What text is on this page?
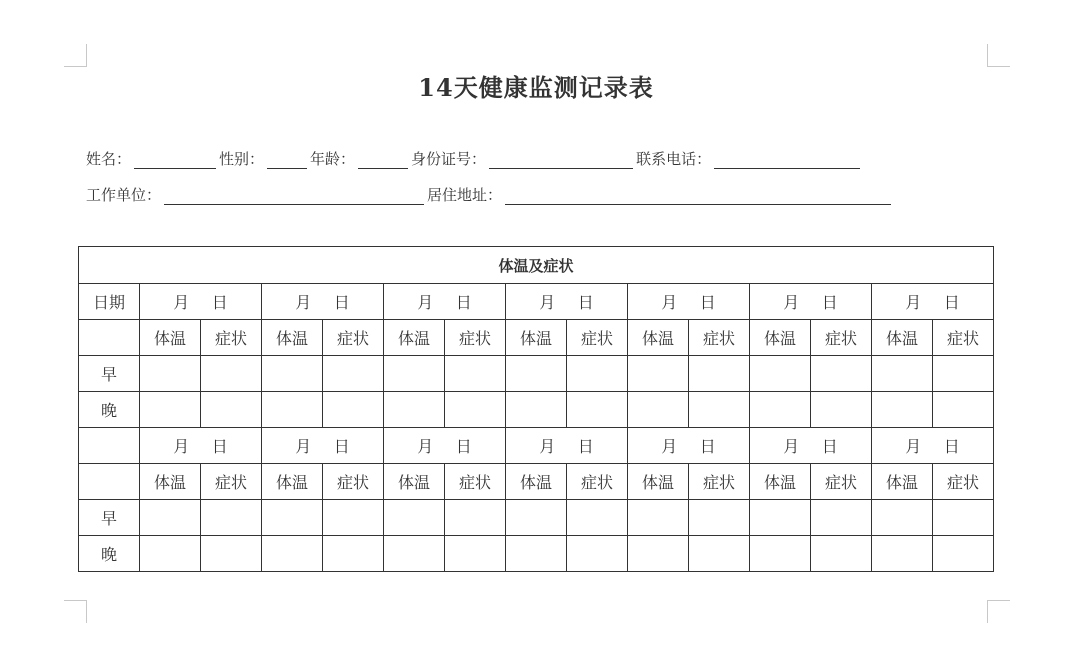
14天健康监测记录表
姓名：	性别：	年龄：	身份证号：	联系电话：
工作单位：	居住地址：
体温及症状														
日期	月 日		月 日		月 日		月 日		月 日		月 日		月 日	

	体温	症状	体温	症状	体温	症状	体温	症状	体温	症状	体温	症状	体温	症状
早														
晚														

	月 日		月 日		月 日		月 日		月 日		月 日		月 日	

	体温	症状	体温	症状	体温	症状	体温	症状	体温	症状	体温	症状	体温	症状
早														
晚														
